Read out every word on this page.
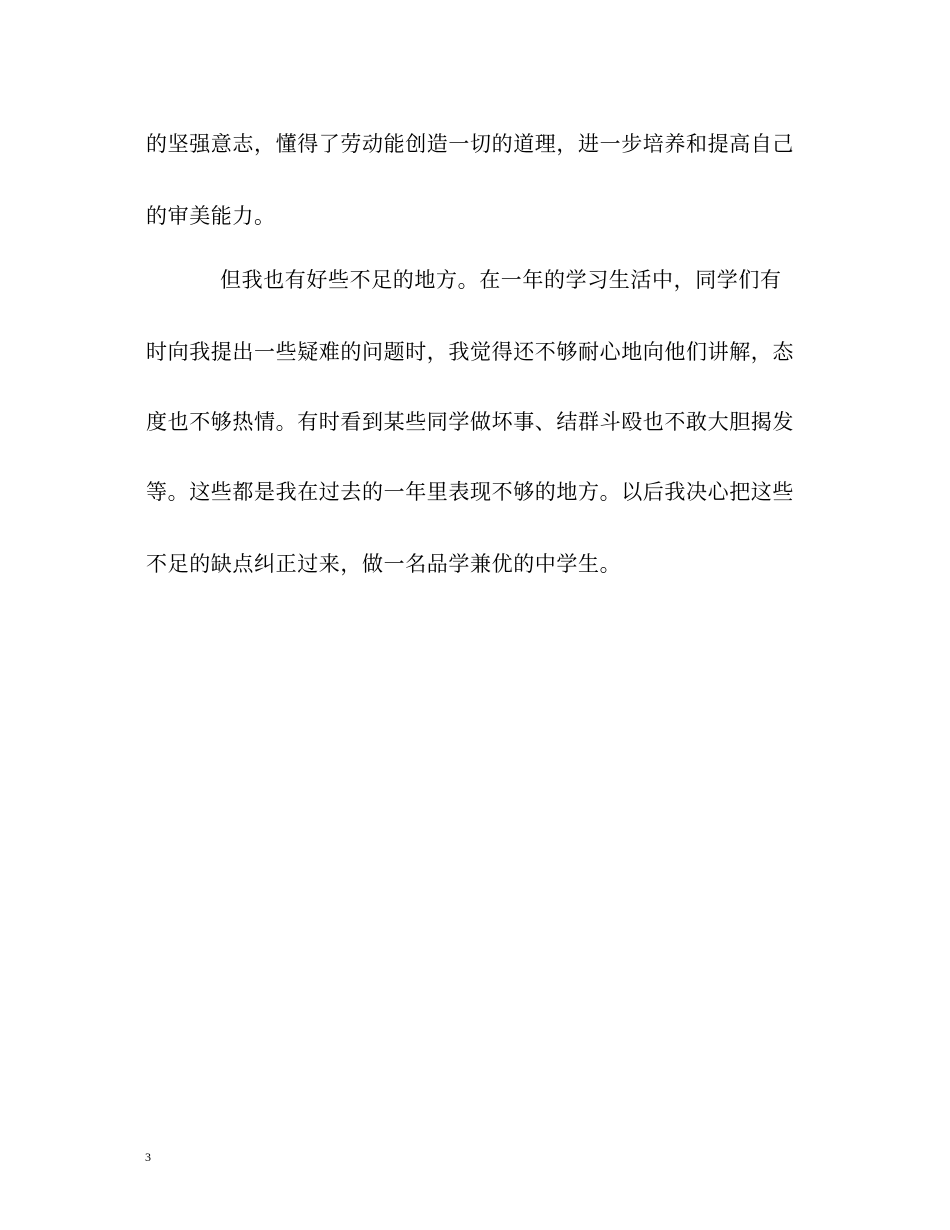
的坚强意志，懂得了劳动能创造一切的道理，进一步培养和提高自己
的审美能力。
但我也有好些不足的地方。在一年的学习生活中，同学们有
时向我提出一些疑难的问题时，我觉得还不够耐心地向他们讲解，态
度也不够热情。有时看到某些同学做坏事、结群斗殴也不敢大胆揭发
等。这些都是我在过去的一年里表现不够的地方。以后我决心把这些
不足的缺点纠正过来，做一名品学兼优的中学生。
3
